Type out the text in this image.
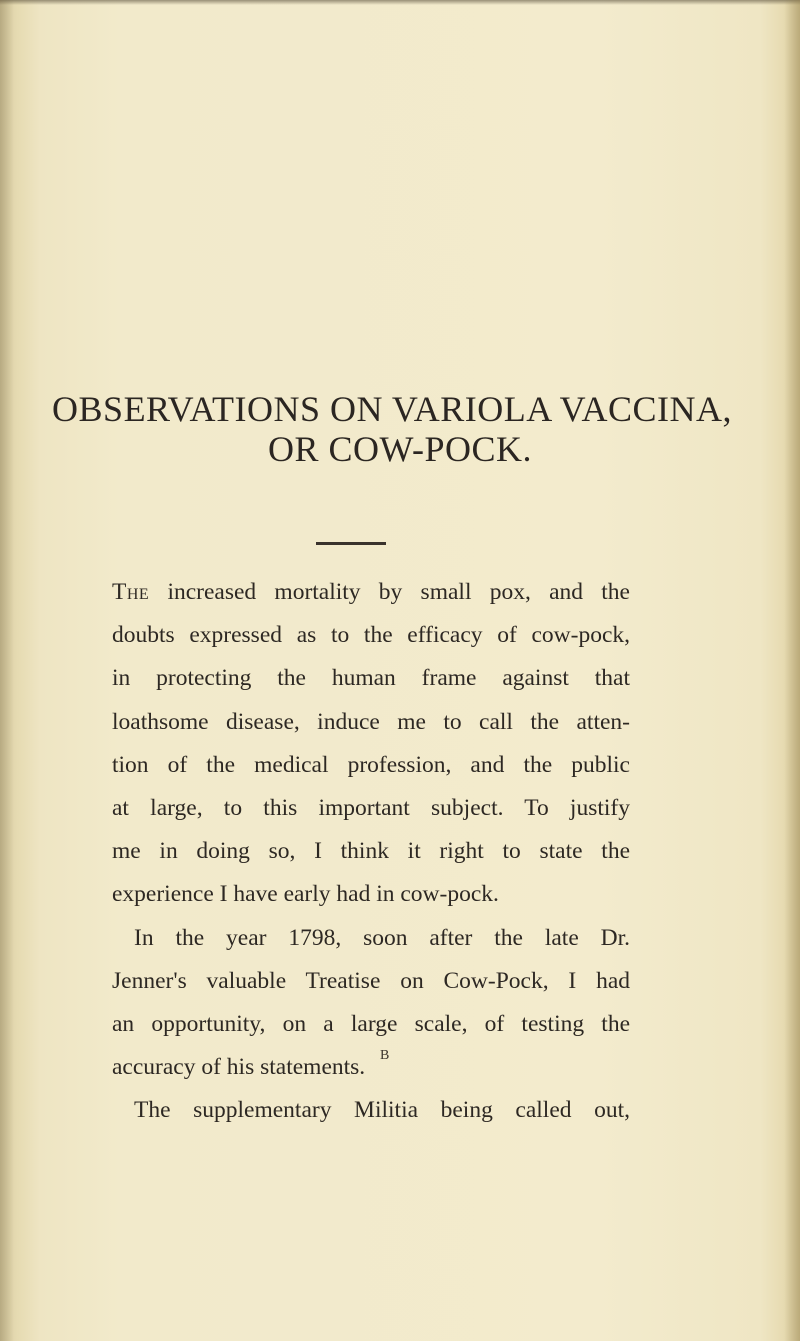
OBSERVATIONS ON VARIOLA VACCINA,
OR COW-POCK.
The increased mortality by small pox, and the
doubts expressed as to the efficacy of cow-pock,
in protecting the human frame against that
loathsome disease, induce me to call the atten-
tion of the medical profession, and the public
at large, to this important subject. To justify
me in doing so, I think it right to state the
experience I have early had in cow-pock.
In the year 1798, soon after the late Dr.
Jenner's valuable Treatise on Cow-Pock, I had
an opportunity, on a large scale, of testing the
accuracy of his statements.
The supplementary Militia being called out,
B
